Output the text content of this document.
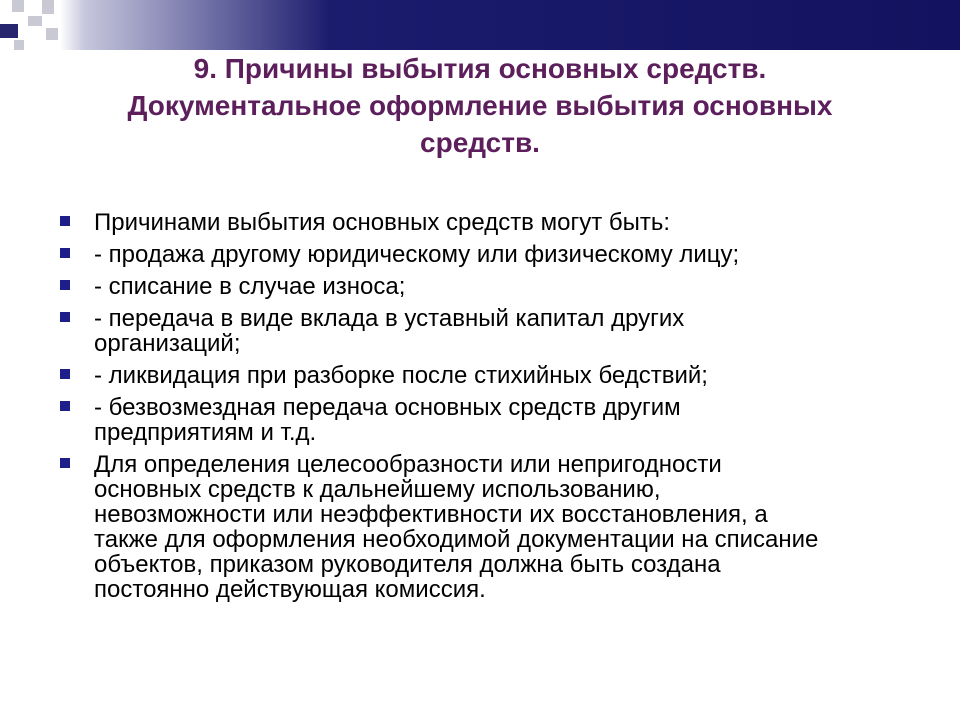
9. Причины выбытия основных средств.
Документальное оформление выбытия основных
средств.
Причинами выбытия основных средств могут быть:
- продажа другому юридическому или физическому лицу;
- списание в случае износа;
- передача в виде вклада в уставный капитал других
организаций;
- ликвидация при разборке после стихийных бедствий;
- безвозмездная передача основных средств другим
предприятиям и т.д.
Для определения целесообразности или непригодности
основных средств к дальнейшему использованию,
невозможности или неэффективности их восстановления, а
также для оформления необходимой документации на списание
объектов, приказом руководителя должна быть создана
постоянно действующая комиссия.
